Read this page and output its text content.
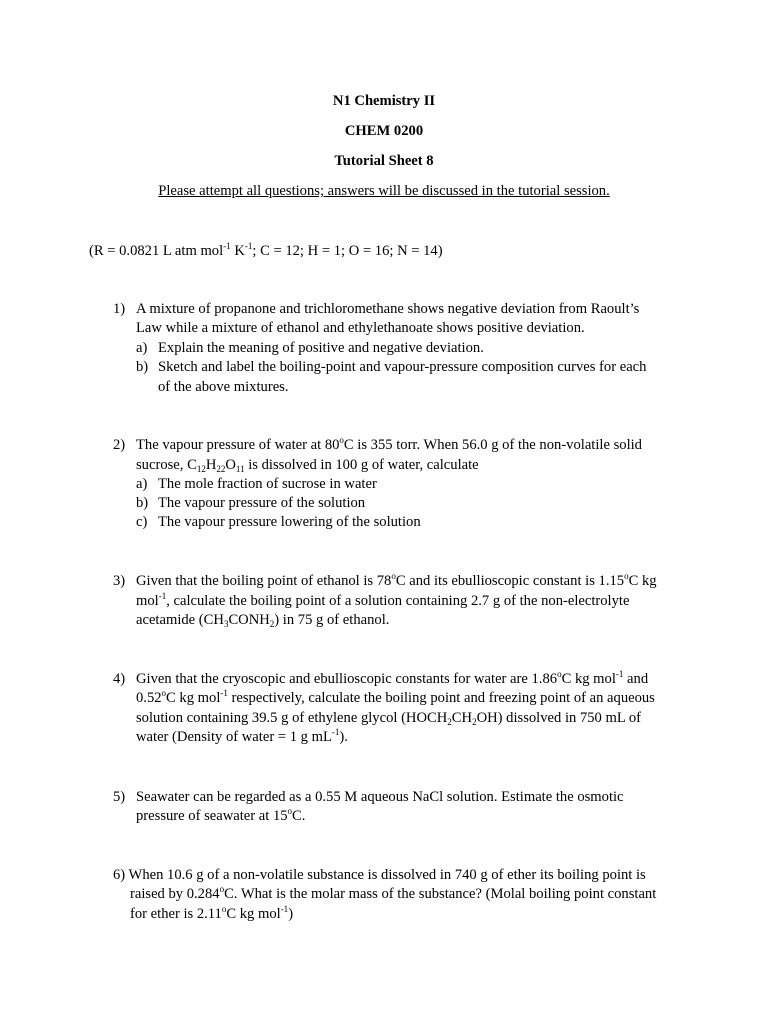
N1 Chemistry II
CHEM 0200
Tutorial Sheet 8
Please attempt all questions; answers will be discussed in the tutorial session.
(R = 0.0821 L atm mol$^{-1}$ $K^{-1}$; C = 12; H = 1; O = 16; N = 14)
1) A mixture of propanone and trichloromethane shows negative deviation from Raoult’s
Law while a mixture of ethanol and ethylethanoate shows positive deviation.
a) Explain the meaning of positive and negative deviation.
b) Sketch and label the boiling-point and vapour-pressure composition curves for each
of the above mixtures.
2) The vapour pressure of water at 80$^o$C is 355 torr. When 56.0 g of the non-volatile solid
sucrose, $C_{12}H_{22}O_{11}$ is dissolved in 100 g of water, calculate
a) The mole fraction of sucrose in water
b) The vapour pressure of the solution
c) The vapour pressure lowering of the solution
3) Given that the boiling point of ethanol is 78$^o$C and its ebullioscopic constant is 1.15$^o$C kg
mol$^{-1}$, calculate the boiling point of a solution containing 2.7 g of the non-electrolyte
acetamide $(CH_3CONH_2)$ in 75 g of ethanol.
4) Given that the cryoscopic and ebullioscopic constants for water are 1.86$^o$C kg mol$^{-1}$ and
0.52$^o$C kg mol$^{-1}$ respectively, calculate the boiling point and freezing point of an aqueous
solution containing 39.5 g of ethylene glycol $(HOCH_2CH_2OH)$ dissolved in 750 mL of
water (Density of water = 1 g $mL^{-1}$).
5) Seawater can be regarded as a 0.55 M aqueous NaCl solution. Estimate the osmotic
pressure of seawater at 15$^o$C.
6) When 10.6 g of a non-volatile substance is dissolved in 740 g of ether its boiling point is
raised by 0.284$^o$C. What is the molar mass of the substance? (Molal boiling point constant
for ether is 2.11$^o$C kg mol$^{-1}$)
